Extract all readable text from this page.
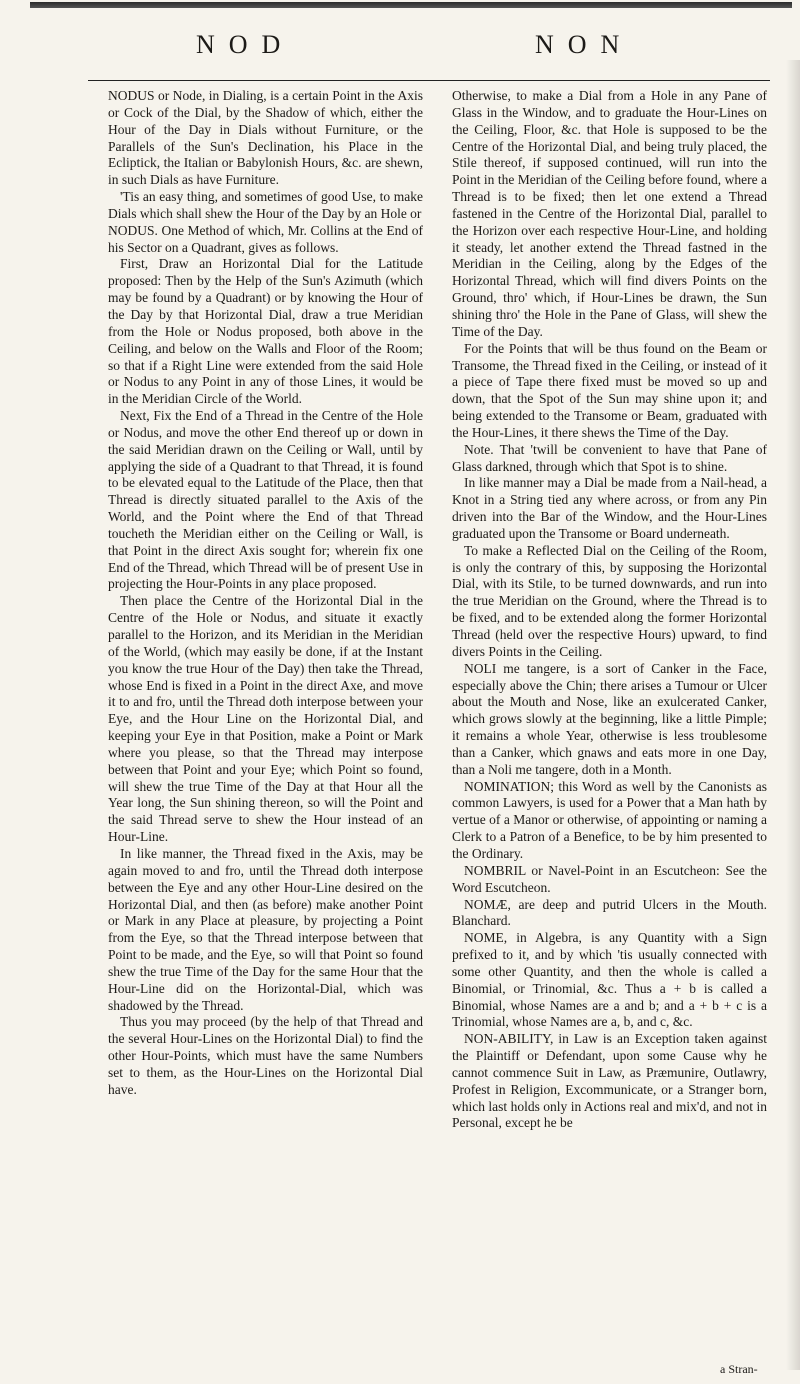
NOD	NON

NODUS or Node, in Dialing, is a certain Point in the Axis or Cock of the Dial, by the Shadow of which, either the Hour of the Day in Dials without Furniture, or the Parallels of the Sun's Declination, his Place in the Ecliptick, the Italian or Babylonish Hours, &c. are shewn, in such Dials as have Furniture.

'Tis an easy thing, and sometimes of good Use, to make Dials which shall shew the Hour of the Day by an Hole or

NODUS. One Method of which, Mr. Collins at the End of his Sector on a Quadrant, gives as follows.

First, Draw an Horizontal Dial for the Latitude proposed: Then by the Help of the Sun's Azimuth (which may be found by a Quadrant) or by knowing the Hour of the Day by that Horizontal Dial, draw a true Meridian from the Hole or Nodus proposed, both above in the Ceiling, and below on the Walls and Floor of the Room; so that if a Right Line were extended from the said Hole or Nodus to any Point in any of those Lines, it would be in the Meridian Circle of the World.

Next, Fix the End of a Thread in the Centre of the Hole or Nodus, and move the other End thereof up or down in the said Meridian drawn on the Ceiling or Wall, until by applying the side of a Quadrant to that Thread, it is found to be elevated equal to the Latitude of the Place, then that Thread is directly situated parallel to the Axis of the World, and the Point where the End of that Thread toucheth the Meridian either on the Ceiling or Wall, is that Point in the direct Axis sought for; wherein fix one End of the Thread, which Thread will be of present Use in projecting the Hour-Points in any place proposed.

Then place the Centre of the Horizontal Dial in the Centre of the Hole or Nodus, and situate it exactly parallel to the Horizon, and its Meridian in the Meridian of the World, (which may easily be done, if at the Instant you know the true Hour of the Day) then take the Thread, whose End is fixed in a Point in the direct Axe, and move it to and fro, until the Thread doth interpose between your Eye, and the Hour Line on the Horizontal Dial, and keeping your Eye in that Position, make a Point or Mark where you please, so that the Thread may interpose between that Point and your Eye; which Point so found, will shew the true Time of the Day at that Hour all the Year long, the Sun shining thereon, so will the Point and the said Thread serve to shew the Hour instead of an Hour-Line.

In like manner, the Thread fixed in the Axis, may be again moved to and fro, until the Thread doth interpose between the Eye and any other Hour-Line desired on the Horizontal Dial, and then (as before) make another Point or Mark in any Place at pleasure, by projecting a Point from the Eye, so that the Thread interpose between that Point to be made, and the Eye, so will that Point so found shew the true Time of the Day for the same Hour that the Hour-Line did on the Horizontal-Dial, which was shadowed by the Thread.

Thus you may proceed (by the help of that Thread and the several Hour-Lines on the Horizontal Dial) to find the other Hour-Points, which must have the same Numbers set to them, as the Hour-Lines on the Horizontal Dial have.

Otherwise, to make a Dial from a Hole in any Pane of Glass in the Window, and to graduate the Hour-Lines on the Ceiling, Floor, &c. that Hole is supposed to be the Centre of the Horizontal Dial, and being truly placed, the Stile thereof, if supposed continued, will run into the Point in the Meridian of the Ceiling before found, where a Thread is to be fixed; then let one extend a Thread fastened in the Centre of the Horizontal Dial, parallel to the Horizon over each respective Hour-Line, and holding it steady, let another extend the Thread fastned in the Meridian in the Ceiling, along by the Edges of the Horizontal Thread, which will find divers Points on the Ground, thro' which, if Hour-Lines be drawn, the Sun shining thro' the Hole in the Pane of Glass, will shew the Time of the Day.

For the Points that will be thus found on the Beam or Transome, the Thread fixed in the Ceiling, or instead of it a piece of Tape there fixed must be moved so up and down, that the Spot of the Sun may shine upon it; and being extended to the Transome or Beam, graduated with the Hour-Lines, it there shews the Time of the Day.

Note. That 'twill be convenient to have that Pane of Glass darkned, through which that Spot is to shine.

In like manner may a Dial be made from a Nail-head, a Knot in a String tied any where across, or from any Pin driven into the Bar of the Window, and the Hour-Lines graduated upon the Transome or Board underneath.

To make a Reflected Dial on the Ceiling of the Room, is only the contrary of this, by supposing the Horizontal Dial, with its Stile, to be turned downwards, and run into the true Meridian on the Ground, where the Thread is to be fixed, and to be extended along the former Horizontal Thread (held over the respective Hours) upward, to find divers Points in the Ceiling.

NOLI me tangere, is a sort of Canker in the Face, especially above the Chin; there arises a Tumour or Ulcer about the Mouth and Nose, like an exulcerated Canker, which grows slowly at the beginning, like a little Pimple; it remains a whole Year, otherwise is less troublesome than a Canker, which gnaws and eats more in one Day, than a Noli me tangere, doth in a Month.

NOMINATION; this Word as well by the Canonists as common Lawyers, is used for a Power that a Man hath by vertue of a Manor or otherwise, of appointing or naming a Clerk to a Patron of a Benefice, to be by him presented to the Ordinary.

NOMBRIL or Navel-Point in an Escutcheon: See the Word Escutcheon.

NOMÆ, are deep and putrid Ulcers in the Mouth. Blanchard.

NOME, in Algebra, is any Quantity with a Sign prefixed to it, and by which 'tis usually connected with some other Quantity, and then the whole is called a Binomial, or Trinomial, &c. Thus a + b is called a Binomial, whose Names are a and b; and a + b + c is a Trinomial, whose Names are a, b, and c, &c.

NON-ABILITY, in Law is an Exception taken against the Plaintiff or Defendant, upon some Cause why he cannot commence Suit in Law, as Præmunire, Outlawry, Profest in Religion, Excommunicate, or a Stranger born, which last holds only in Actions real and mix'd, and not in Personal, except he be

a Stran-
